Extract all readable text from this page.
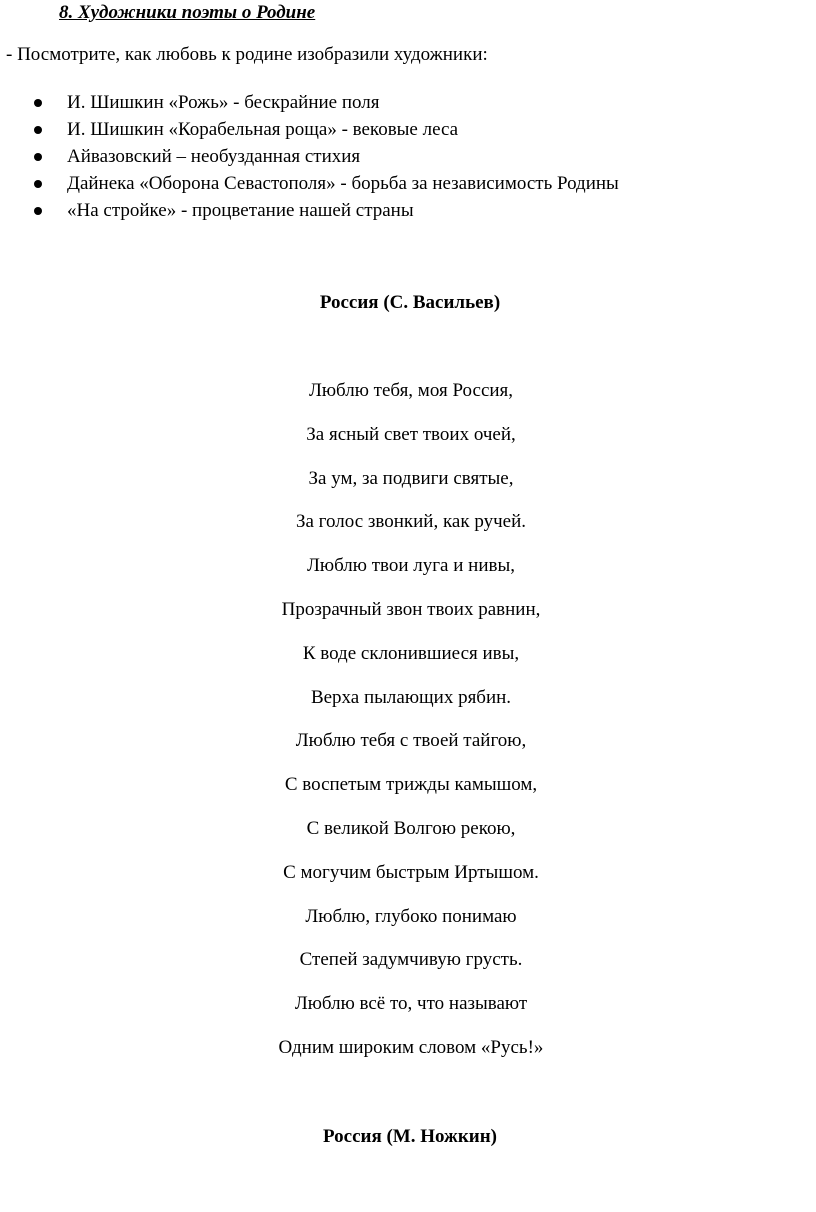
8. Художники поэты о Родине

- Посмотрите, как любовь к родине изобразили художники:

И. Шишкин «Рожь» - бескрайние поля
И. Шишкин «Корабельная роща» - вековые леса
Айвазовский – необузданная стихия
Дайнека «Оборона Севастополя» - борьба за независимость Родины
«На стройке» - процветание нашей страны
Россия (С. Васильев)
Люблю тебя, моя Россия,
За ясный свет твоих очей,
За ум, за подвиги святые,
За голос звонкий, как ручей.
Люблю твои луга и нивы,
Прозрачный звон твоих равнин,
К воде склонившиеся ивы,
Верха пылающих рябин.
Люблю тебя с твоей тайгою,
С воспетым трижды камышом,
С великой Волгою рекою,
С могучим быстрым Иртышом.
Люблю, глубоко понимаю
Степей задумчивую грусть.
Люблю всё то, что называют
Одним широким словом «Русь!»
Россия (М. Ножкин)
